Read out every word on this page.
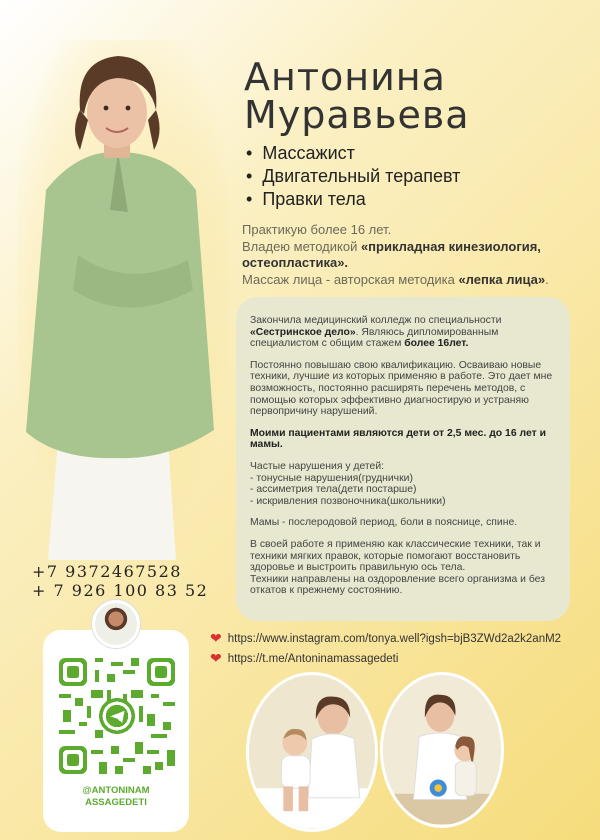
Антонина
Муравьева
• Массажист
• Двигательный терапевт
• Правки тела
Практикую более 16 лет.
Владею методикой «прикладная кинезиология, остеопластика».
Массаж лица - авторская методика «лепка лица».

Закончила медицинский колледж по специальности «Сестринское дело». Являюсь дипломированным специалистом с общим стажем более 16лет.

Постоянно повышаю свою квалификацию. Осваиваю новые техники, лучшие из которых применяю в работе. Это дает мне возможность, постоянно расширять перечень методов, с помощью которых эффективно диагностирую и устраняю первопричину нарушений.

Моими пациентами являются дети от 2,5 мес. до 16 лет и мамы.

Частые нарушения у детей:
- тонусные нарушения(груднички)
- ассиметрия тела(дети постарше)
- искривления позвоночника(школьники)

Мамы - послеродовой период, боли в пояснице, спине.

В своей работе я применяю как классические техники, так и техники мягких правок, которые помогают восстановить здоровье и выстроить правильную ось тела.
Техники направлены на оздоровление всего организма и без откатов к прежнему состоянию.

+7 9372467528
+ 7 926 100 83 52
@ANTONINAM
ASSAGEDETI
❤ https://www.instagram.com/tonya.well?igsh=bjB3ZWd2a2k2anM2
❤ https://t.me/Antoninamassagedeti
